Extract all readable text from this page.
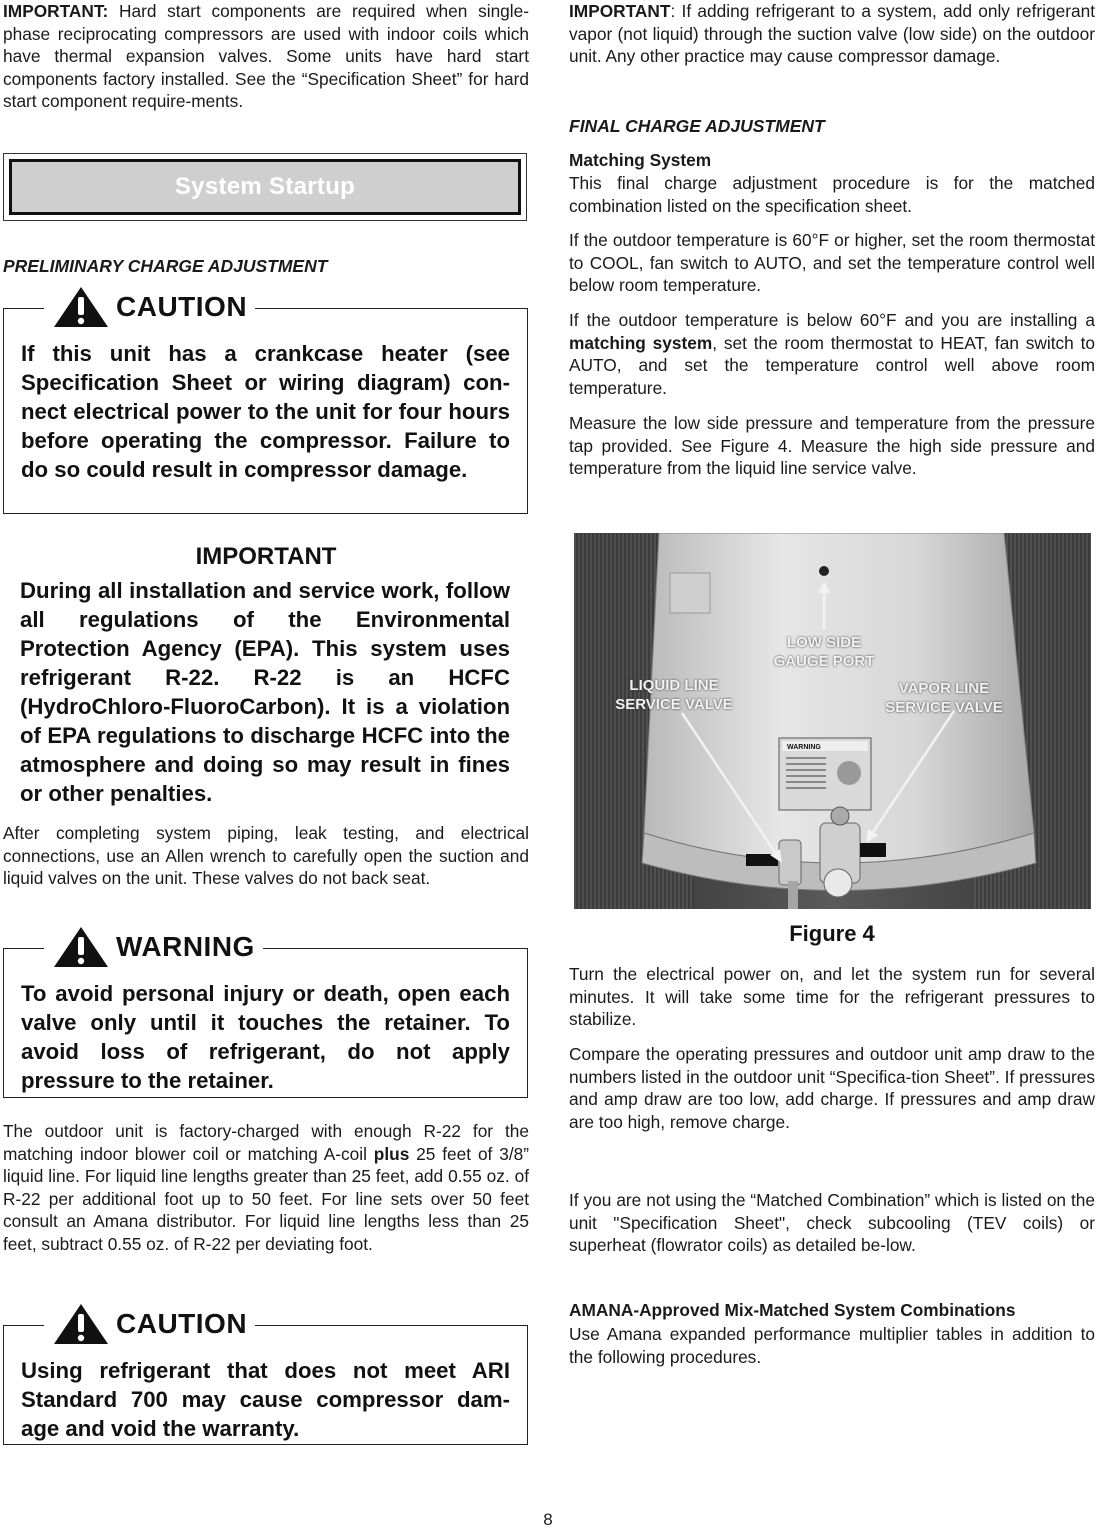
IMPORTANT: Hard start components are required when single-phase reciprocating compressors are used with indoor coils which have thermal expansion valves. Some units have hard start components factory installed. See the “Specification Sheet” for hard start component require-ments.

System Startup

PRELIMINARY CHARGE ADJUSTMENT

CAUTION
If this unit has a crankcase heater (see Specification Sheet or wiring diagram) con-nect electrical power to the unit for four hours before operating the compressor. Failure to do so could result in compressor damage.
IMPORTANT
During all installation and service work, follow all regulations of the Environmental Protection Agency (EPA). This system uses refrigerant R-22. R-22 is an HCFC (HydroChloro-FluoroCarbon). It is a violation of EPA regulations to discharge HCFC into the atmosphere and doing so may result in fines or other penalties.

After completing system piping, leak testing, and electrical connections, use an Allen wrench to carefully open the suction and liquid valves on the unit. These valves do not back seat.

WARNING
To avoid personal injury or death, open each valve only until it touches the retainer. To avoid loss of refrigerant, do not apply pressure to the retainer.

The outdoor unit is factory-charged with enough R-22 for the matching indoor blower coil or matching A-coil plus 25 feet of 3/8” liquid line. For liquid line lengths greater than 25 feet, add 0.55 oz. of R-22 per additional foot up to 50 feet. For line sets over 50 feet consult an Amana distributor. For liquid line lengths less than 25 feet, subtract 0.55 oz. of R-22 per deviating foot.

CAUTION
Using refrigerant that does not meet ARI Standard 700 may cause compressor dam-age and void the warranty.

IMPORTANT: If adding refrigerant to a system, add only refrigerant vapor (not liquid) through the suction valve (low side) on the outdoor unit. Any other practice may cause compressor damage.

FINAL CHARGE ADJUSTMENT

Matching System

This final charge adjustment procedure is for the matched combination listed on the specification sheet.

If the outdoor temperature is 60°F or higher, set the room thermostat to COOL, fan switch to AUTO, and set the temperature control well below room temperature.

If the outdoor temperature is below 60°F and you are installing a matching system, set the room thermostat to HEAT, fan switch to AUTO, and set the temperature control well above room temperature.

Measure the low side pressure and temperature from the pressure tap provided. See Figure 4. Measure the high side pressure and temperature from the liquid line service valve.

WARNING
LOW SIDE
GAUGE PORT
LIQUID LINE
SERVICE VALVE
VAPOR LINE
SERVICE VALVE
Figure 4

Turn the electrical power on, and let the system run for several minutes. It will take some time for the refrigerant pressures to stabilize.

Compare the operating pressures and outdoor unit amp draw to the numbers listed in the outdoor unit “Specifica-tion Sheet”. If pressures and amp draw are too low, add charge. If pressures and amp draw are too high, remove charge.

If you are not using the “Matched Combination” which is listed on the unit "Specification Sheet", check subcooling (TEV coils) or superheat (flowrator coils) as detailed be-low.

AMANA-Approved Mix-Matched System Combinations

Use Amana expanded performance multiplier tables in addition to the following procedures.

8
